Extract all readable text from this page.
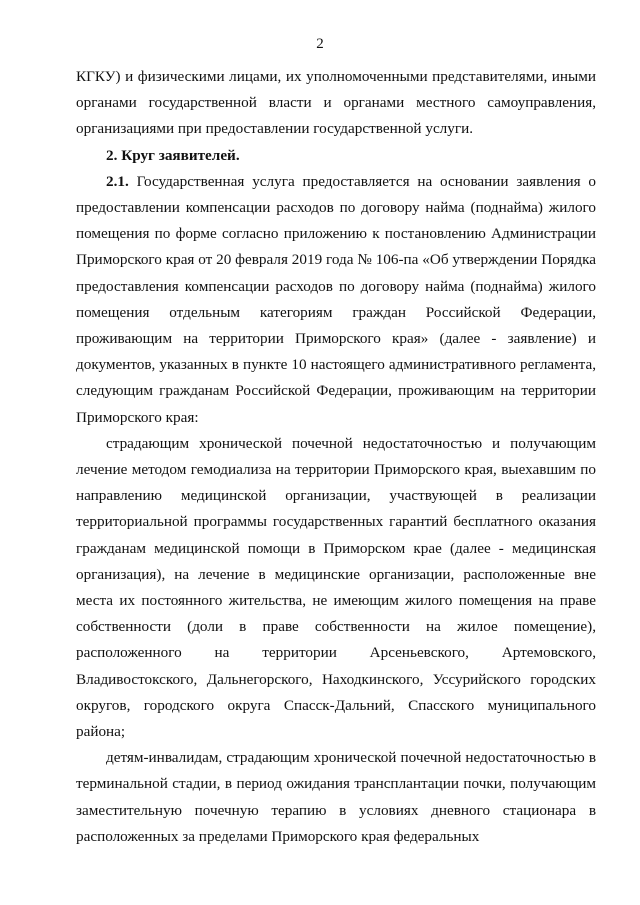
2

КГКУ) и физическими лицами, их уполномоченными представителями, иными органами государственной власти и органами местного самоуправления, организациями при предоставлении государственной услуги.

2. Круг заявителей.

2.1. Государственная услуга предоставляется на основании заявления о предоставлении компенсации расходов по договору найма (поднайма) жилого помещения по форме согласно приложению к постановлению Администрации Приморского края от 20 февраля 2019 года № 106-па «Об утверждении Порядка предоставления компенсации расходов по договору найма (поднайма) жилого помещения отдельным категориям граждан Российской Федерации, проживающим на территории Приморского края» (далее - заявление) и документов, указанных в пункте 10 настоящего административного регламента, следующим гражданам Российской Федерации, проживающим на территории Приморского края:

страдающим хронической почечной недостаточностью и получающим лечение методом гемодиализа на территории Приморского края, выехавшим по направлению медицинской организации, участвующей в реализации территориальной программы государственных гарантий бесплатного оказания гражданам медицинской помощи в Приморском крае (далее - медицинская организация), на лечение в медицинские организации, расположенные вне места их постоянного жительства, не имеющим жилого помещения на праве собственности (доли в праве собственности на жилое помещение), расположенного на территории Арсеньевского, Артемовского, Владивостокского, Дальнегорского, Находкинского, Уссурийского городских округов, городского округа Спасск-Дальний, Спасского муниципального района;

детям-инвалидам, страдающим хронической почечной недостаточностью в терминальной стадии, в период ожидания трансплантации почки, получающим заместительную почечную терапию в условиях дневного стационара в расположенных за пределами Приморского края федеральных
